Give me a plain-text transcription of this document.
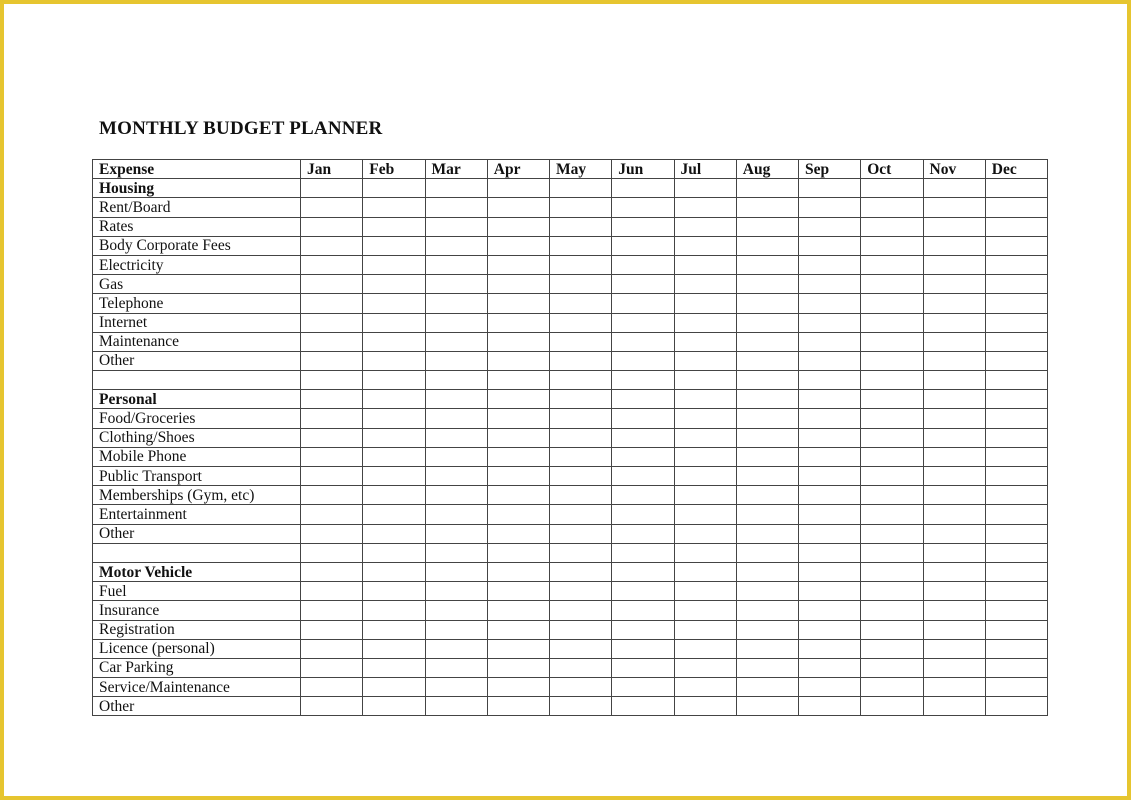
MONTHLY BUDGET PLANNER
Expense	Jan	Feb	Mar	Apr	May	Jun	Jul	Aug	Sep	Oct	Nov	Dec
Housing												
Rent/Board												
Rates												
Body Corporate Fees												
Electricity												
Gas												
Telephone												
Internet												
Maintenance												
Other												

Personal												
Food/Groceries												
Clothing/Shoes												
Mobile Phone												
Public Transport												
Memberships (Gym, etc)												
Entertainment												
Other												

Motor Vehicle												
Fuel												
Insurance												
Registration												
Licence (personal)												
Car Parking												
Service/Maintenance												
Other												
